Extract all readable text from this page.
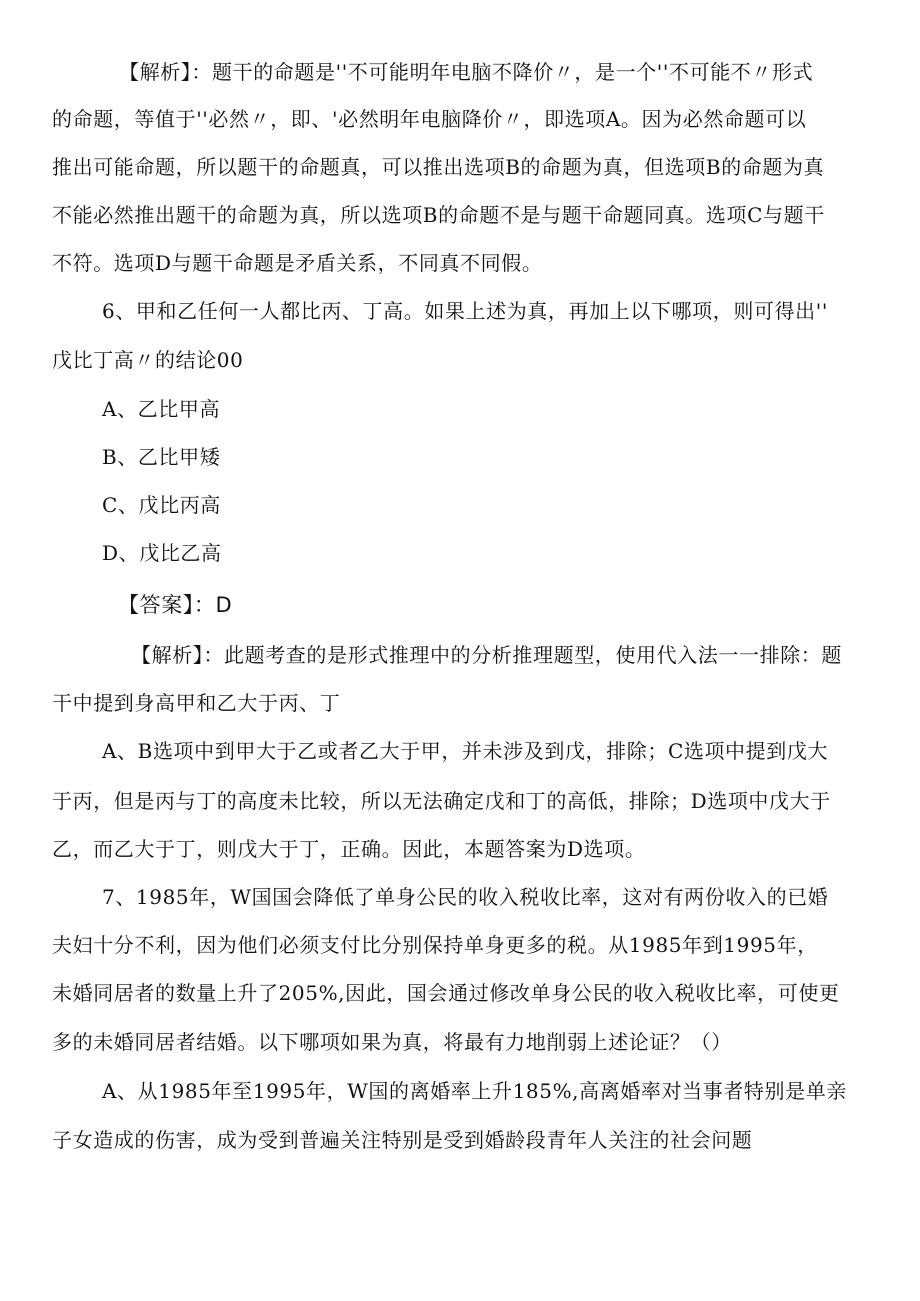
【解析】：题干的命题是''不可能明年电脑不降价〃，是一个''不可能不〃形式
的命题，等值于''必然〃，即、'必然明年电脑降价〃，即选项A。因为必然命题可以
推出可能命题，所以题干的命题真，可以推出选项B的命题为真，但选项B的命题为真
不能必然推出题干的命题为真，所以选项B的命题不是与题干命题同真。选项C与题干
不符。选项D与题干命题是矛盾关系，不同真不同假。
6、甲和乙任何一人都比丙、丁高。如果上述为真，再加上以下哪项，则可得出''
戊比丁高〃的结论00
A、乙比甲高
B、乙比甲矮
C、戊比丙高
D、戊比乙高
【答案】：D
【解析】：此题考查的是形式推理中的分析推理题型，使用代入法一一排除：题
干中提到身高甲和乙大于丙、丁
A、B选项中到甲大于乙或者乙大于甲，并未涉及到戊，排除；C选项中提到戊大
于丙，但是丙与丁的高度未比较，所以无法确定戊和丁的高低，排除；D选项中戊大于
乙，而乙大于丁，则戊大于丁，正确。因此，本题答案为D选项。
7、1985年，W国国会降低了单身公民的收入税收比率，这对有两份收入的已婚
夫妇十分不利，因为他们必须支付比分别保持单身更多的税。从1985年到1995年，
未婚同居者的数量上升了205%,因此，国会通过修改单身公民的收入税收比率，可使更
多的未婚同居者结婚。以下哪项如果为真，将最有力地削弱上述论证？（）
A、从1985年至1995年，W国的离婚率上升185%,高离婚率对当事者特别是单亲
子女造成的伤害，成为受到普遍关注特别是受到婚龄段青年人关注的社会问题
